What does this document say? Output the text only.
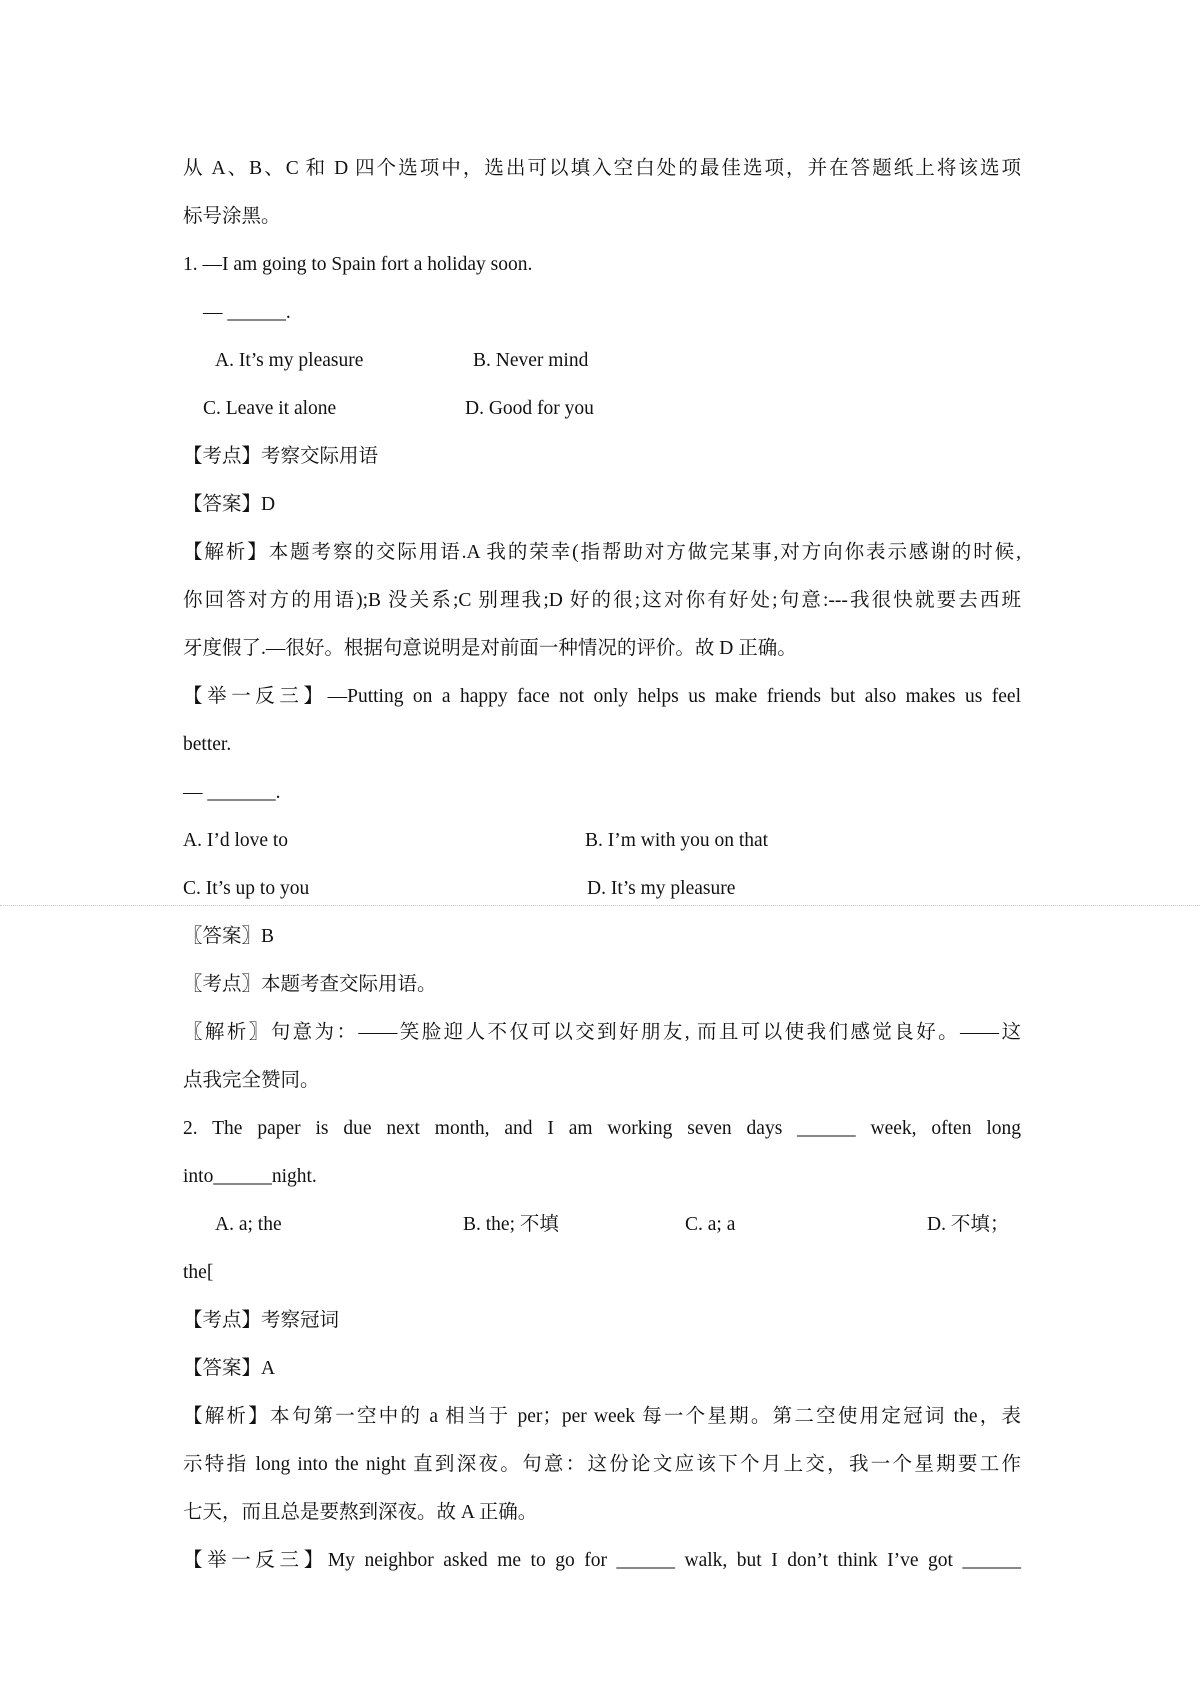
从 A、B、C 和 D 四个选项中，选出可以填入空白处的最佳选项，并在答题纸上将该选项

标号涂黑。

1. —I am going to Spain fort a holiday soon.

— ______.

A. It’s my pleasure	B. Never mind

C. Leave it alone	D. Good for you

【考点】考察交际用语

【答案】D

【解析】本题考察的交际用语.A 我的荣幸(指帮助对方做完某事,对方向你表示感谢的时候,

你回答对方的用语);B 没关系;C 别理我;D 好的很;这对你有好处;句意:---我很快就要去西班

牙度假了.—很好。根据句意说明是对前面一种情况的评价。故 D 正确。

【举一反三】—Putting on a happy face not only helps us make friends but also makes us feel

better.

— _______.

A. I’d love to	B. I’m with you on that

C. It’s up to you	D. It’s my pleasure

〖答案〗B

〖考点〗本题考查交际用语。

〖解析〗句意为：——笑脸迎人不仅可以交到好朋友, 而且可以使我们感觉良好。——这

点我完全赞同。

2. The paper is due next month, and I am working seven days ______ week, often long

into______night.

A. a; the	B. the; 不填	C. a; a	D. 不填；

the[

【考点】考察冠词

【答案】A

【解析】本句第一空中的 a 相当于 per；per week 每一个星期。第二空使用定冠词 the，表

示特指 long into the night 直到深夜。句意：这份论文应该下个月上交，我一个星期要工作

七天，而且总是要熬到深夜。故 A 正确。

【举一反三】My neighbor asked me to go for ______ walk, but I don’t think I’ve got ______
